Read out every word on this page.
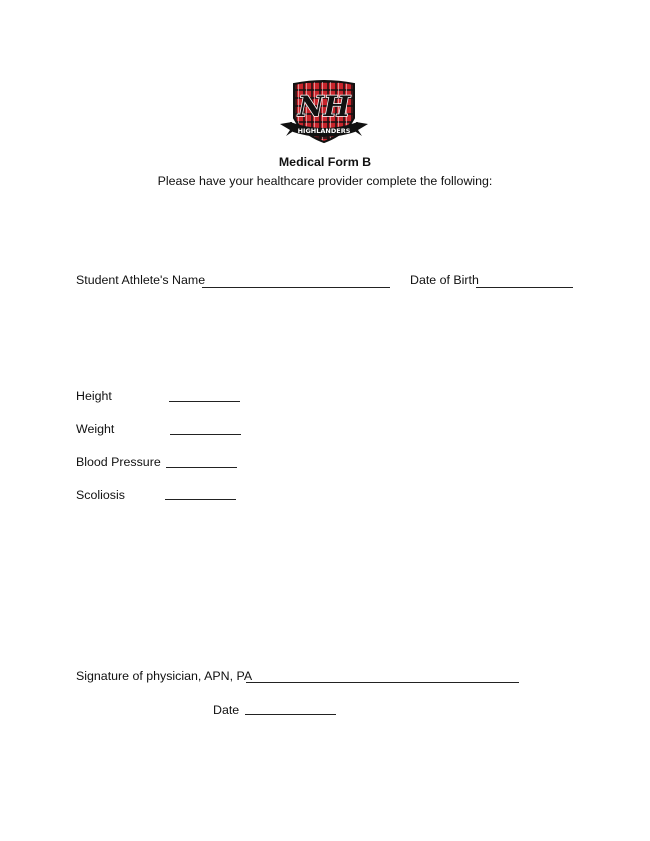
NH
HIGHLANDERS
Medical Form B
Please have your healthcare provider complete the following:
Student Athlete's Name	Date of Birth
Height
Weight
Blood Pressure
Scoliosis
Signature of physician, APN, PA
Date
